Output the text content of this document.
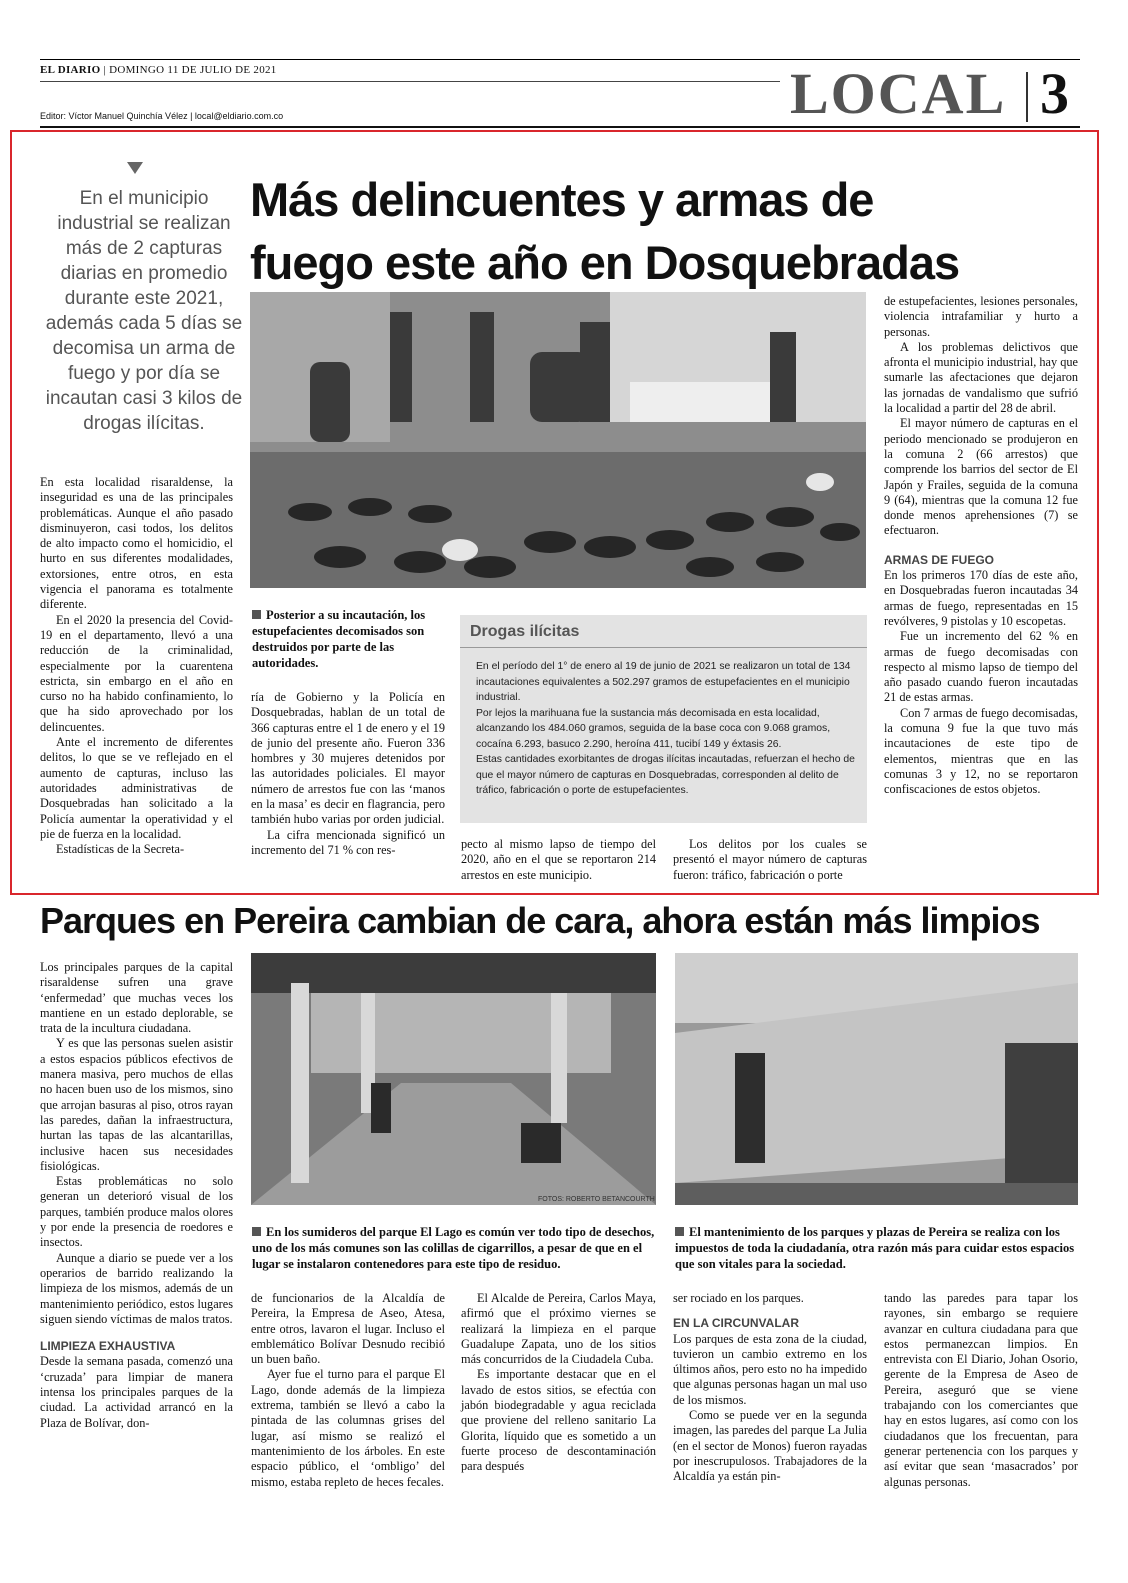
EL DIARIO | DOMINGO 11 DE JULIO DE 2021	LOCAL 3
Editor: Víctor Manuel Quinchía Vélez | local@eldiario.com.co
En el municipio industrial se realizan más de 2 capturas diarias en promedio durante este 2021, además cada 5 días se decomisa un arma de fuego y por día se incautan casi 3 kilos de drogas ilícitas.
Más delincuentes y armas de
fuego este año en Dosquebradas
Posterior a su incautación, los estupefacientes decomisados son destruidos por parte de las autoridades.

En esta localidad risaraldense, la inseguridad es una de las principales problemáticas. Aunque el año pasado disminuyeron, casi todos, los delitos de alto impacto como el homicidio, el hurto en sus diferentes modalidades, extorsiones, entre otros, en esta vigencia el panorama es totalmente diferente.

En el 2020 la presencia del Covid-19 en el departamento, llevó a una reducción de la criminalidad, especialmente por la cuarentena estricta, sin embargo en el año en curso no ha habido confinamiento, lo que ha sido aprovechado por los delincuentes.

Ante el incremento de diferentes delitos, lo que se ve reflejado en el aumento de capturas, incluso las autoridades administrativas de Dosquebradas han solicitado a la Policía aumentar la operatividad y el pie de fuerza en la localidad.

Estadísticas de la Secreta-

ría de Gobierno y la Policía en Dosquebradas, hablan de un total de 366 capturas entre el 1 de enero y el 19 de junio del presente año. Fueron 336 hombres y 30 mujeres detenidos por las autoridades policiales. El mayor número de arrestos fue con las ‘manos en la masa’ es decir en flagrancia, pero también hubo varias por orden judicial.

La cifra mencionada significó un incremento del 71 % con res-

Drogas ilícitas

En el período del 1° de enero al 19 de junio de 2021 se realizaron un total de 134 incautaciones equivalentes a 502.297 gramos de estupefacientes en el municipio industrial.

Por lejos la marihuana fue la sustancia más decomisada en esta localidad, alcanzando los 484.060 gramos, seguida de la base coca con 9.068 gramos, cocaína 6.293, basuco 2.290, heroína 411, tucibí 149 y éxtasis 26.

Estas cantidades exorbitantes de drogas ilícitas incautadas, refuerzan el hecho de que el mayor número de capturas en Dosquebradas, corresponden al delito de tráfico, fabricación o porte de estupefacientes.

pecto al mismo lapso de tiempo del 2020, año en el que se reportaron 214 arrestos en este municipio.

Los delitos por los cuales se presentó el mayor número de capturas fueron: tráfico, fabricación o porte

de estupefacientes, lesiones personales, violencia intrafamiliar y hurto a personas.

A los problemas delictivos que afronta el municipio industrial, hay que sumarle las afectaciones que dejaron las jornadas de vandalismo que sufrió la localidad a partir del 28 de abril.

El mayor número de capturas en el periodo mencionado se produjeron en la comuna 2 (66 arrestos) que comprende los barrios del sector de El Japón y Frailes, seguida de la comuna 9 (64), mientras que la comuna 12 fue donde menos aprehensiones (7) se efectuaron.

ARMAS DE FUEGO

En los primeros 170 días de este año, en Dosquebradas fueron incautadas 34 armas de fuego, representadas en 15 revólveres, 9 pistolas y 10 escopetas.

Fue un incremento del 62 % en armas de fuego decomisadas con respecto al mismo lapso de tiempo del año pasado cuando fueron incautadas 21 de estas armas.

Con 7 armas de fuego decomisadas, la comuna 9 fue la que tuvo más incautaciones de este tipo de elementos, mientras que en las comunas 3 y 12, no se reportaron confiscaciones de estos objetos.

Parques en Pereira cambian de cara, ahora están más limpios
FOTOS: ROBERTO BETANCOURTH
En los sumideros del parque El Lago es común ver todo tipo de desechos, uno de los más comunes son las colillas de cigarrillos, a pesar de que en el lugar se instalaron contenedores para este tipo de residuo.
El mantenimiento de los parques y plazas de Pereira se realiza con los impuestos de toda la ciudadanía, otra razón más para cuidar estos espacios que son vitales para la sociedad.

Los principales parques de la capital risaraldense sufren una grave ‘enfermedad’ que muchas veces los mantiene en un estado deplorable, se trata de la incultura ciudadana.

Y es que las personas suelen asistir a estos espacios públicos efectivos de manera masiva, pero muchos de ellas no hacen buen uso de los mismos, sino que arrojan basuras al piso, otros rayan las paredes, dañan la infraestructura, hurtan las tapas de las alcantarillas, inclusive hacen sus necesidades fisiológicas.

Estas problemáticas no solo generan un deterioró visual de los parques, también produce malos olores y por ende la presencia de roedores e insectos.

Aunque a diario se puede ver a los operarios de barrido realizando la limpieza de los mismos, además de un mantenimiento periódico, estos lugares siguen siendo víctimas de malos tratos.

LIMPIEZA EXHAUSTIVA

Desde la semana pasada, comenzó una ‘cruzada’ para limpiar de manera intensa los principales parques de la ciudad. La actividad arrancó en la Plaza de Bolívar, don-

de funcionarios de la Alcaldía de Pereira, la Empresa de Aseo, Atesa, entre otros, lavaron el lugar. Incluso el emblemático Bolívar Desnudo recibió un buen baño.

Ayer fue el turno para el parque El Lago, donde además de la limpieza extrema, también se llevó a cabo la pintada de las columnas grises del lugar, así mismo se realizó el mantenimiento de los árboles. En este espacio público, el ‘ombligo’ del mismo, estaba repleto de heces fecales.

El Alcalde de Pereira, Carlos Maya, afirmó que el próximo viernes se realizará la limpieza en el parque Guadalupe Zapata, uno de los sitios más concurridos de la Ciudadela Cuba.

Es importante destacar que en el lavado de estos sitios, se efectúa con jabón biodegradable y agua reciclada que proviene del relleno sanitario La Glorita, líquido que es sometido a un fuerte proceso de descontaminación para después

ser rociado en los parques.

EN LA CIRCUNVALAR

Los parques de esta zona de la ciudad, tuvieron un cambio extremo en los últimos años, pero esto no ha impedido que algunas personas hagan un mal uso de los mismos.

Como se puede ver en la segunda imagen, las paredes del parque La Julia (en el sector de Monos) fueron rayadas por inescrupulosos. Trabajadores de la Alcaldía ya están pin-

tando las paredes para tapar los rayones, sin embargo se requiere avanzar en cultura ciudadana para que estos permanezcan limpios. En entrevista con El Diario, Johan Osorio, gerente de la Empresa de Aseo de Pereira, aseguró que se viene trabajando con los comerciantes que hay en estos lugares, así como con los ciudadanos que los frecuentan, para generar pertenencia con los parques y así evitar que sean ‘masacrados’ por algunas personas.
